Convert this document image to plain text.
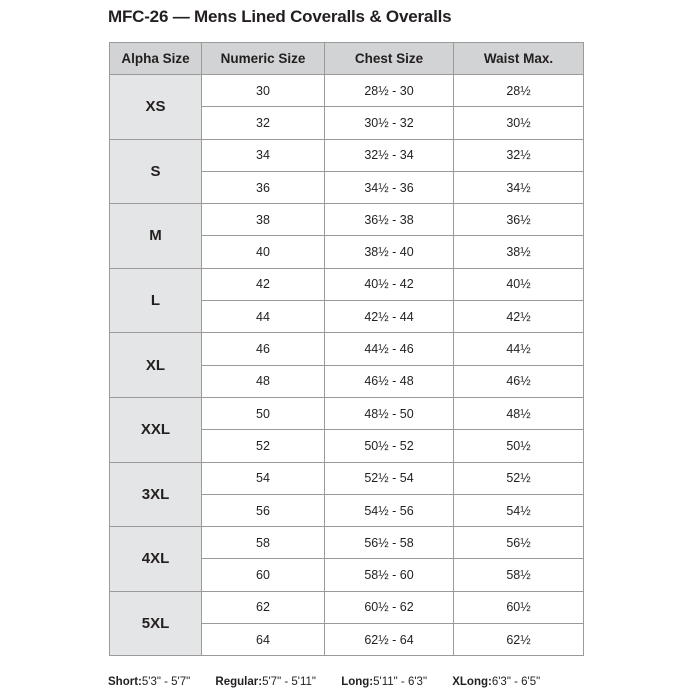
MFC-26 — Mens Lined Coveralls & Overalls
Alpha Size	Numeric Size	Chest Size	Waist Max.
XS	30	28½ - 30	28½
	32	30½ - 32	30½
S	34	32½ - 34	32½
	36	34½ - 36	34½
M	38	36½ - 38	36½
	40	38½ - 40	38½
L	42	40½ - 42	40½
	44	42½ - 44	42½
XL	46	44½ - 46	44½
	48	46½ - 48	46½
XXL	50	48½ - 50	48½
	52	50½ - 52	50½
3XL	54	52½ - 54	52½
	56	54½ - 56	54½
4XL	58	56½ - 58	56½
	60	58½ - 60	58½
5XL	62	60½ - 62	60½
	64	62½ - 64	62½
Short:5'3" - 5'7" Regular:5'7" - 5'11" Long:5'11" - 6'3" XLong:6'3" - 6'5"
